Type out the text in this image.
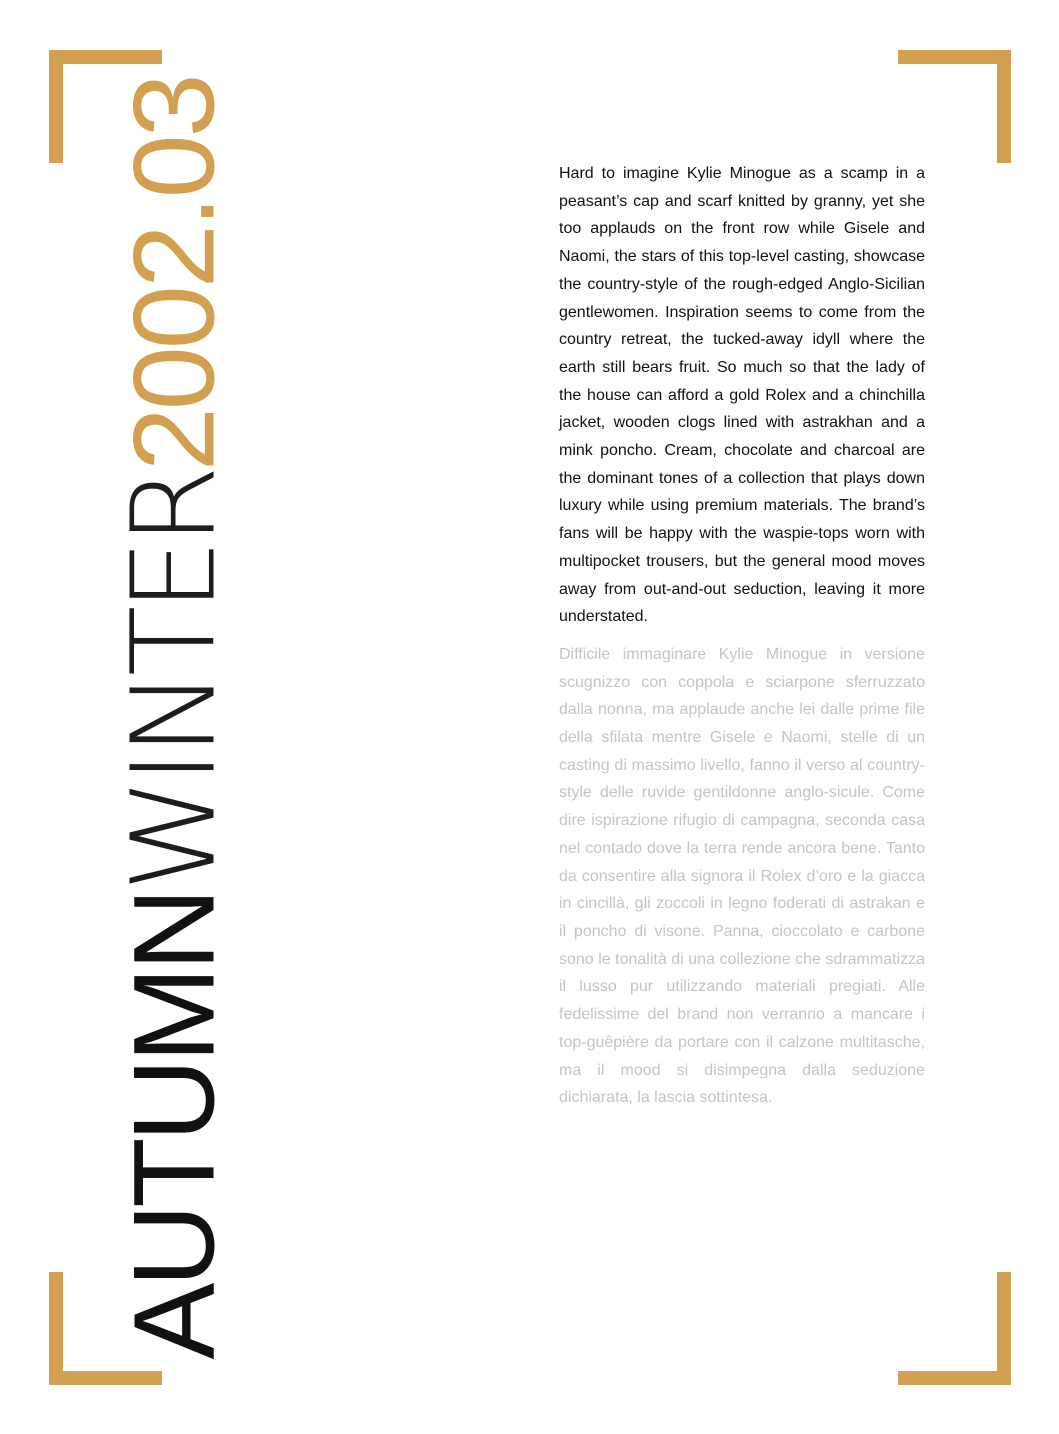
AUTUMNWINTER2002.03	Hard to imagine Kylie Minogue as a scamp in a peasant’s cap and scarf knitted by granny, yet she too applauds on the front row while Gisele and Naomi, the stars of this top-level casting, showcase the country-style of the rough-edged Anglo-Sicilian gentlewomen. Inspiration seems to come from the country retreat, the tucked-away idyll where the earth still bears fruit. So much so that the lady of the house can afford a gold Rolex and a chinchilla jacket, wooden clogs lined with astrakhan and a mink poncho. Cream, chocolate and charcoal are the dominant tones of a collection that plays down luxury while using premium materials. The brand’s fans will be happy with the waspie-tops worn with multipocket trousers, but the general mood moves away from out-and-out seduction, leaving it more understated.

Difficile immaginare Kylie Minogue in versione scugnizzo con coppola e sciarpone sferruzzato dalla nonna, ma applaude anche lei dalle prime file della sfilata mentre Gisele e Naomi, stelle di un casting di massimo livello, fanno il verso al country-style delle ruvide gentildonne anglo-sicule. Come dire ispirazione rifugio di campagna, seconda casa nel contado dove la terra rende ancora bene. Tanto da consentire alla signora il Rolex d’oro e la giacca in cincillà, gli zoccoli in legno foderati di astrakan e il poncho di visone. Panna, cioccolato e carbone sono le tonalità di una collezione che sdrammatizza il lusso pur utilizzando materiali pregiati. Alle fedelissime del brand non verranno a mancare i top-guêpière da portare con il calzone multitasche, ma il mood si disimpegna dalla seduzione dichiarata, la lascia sottintesa.
